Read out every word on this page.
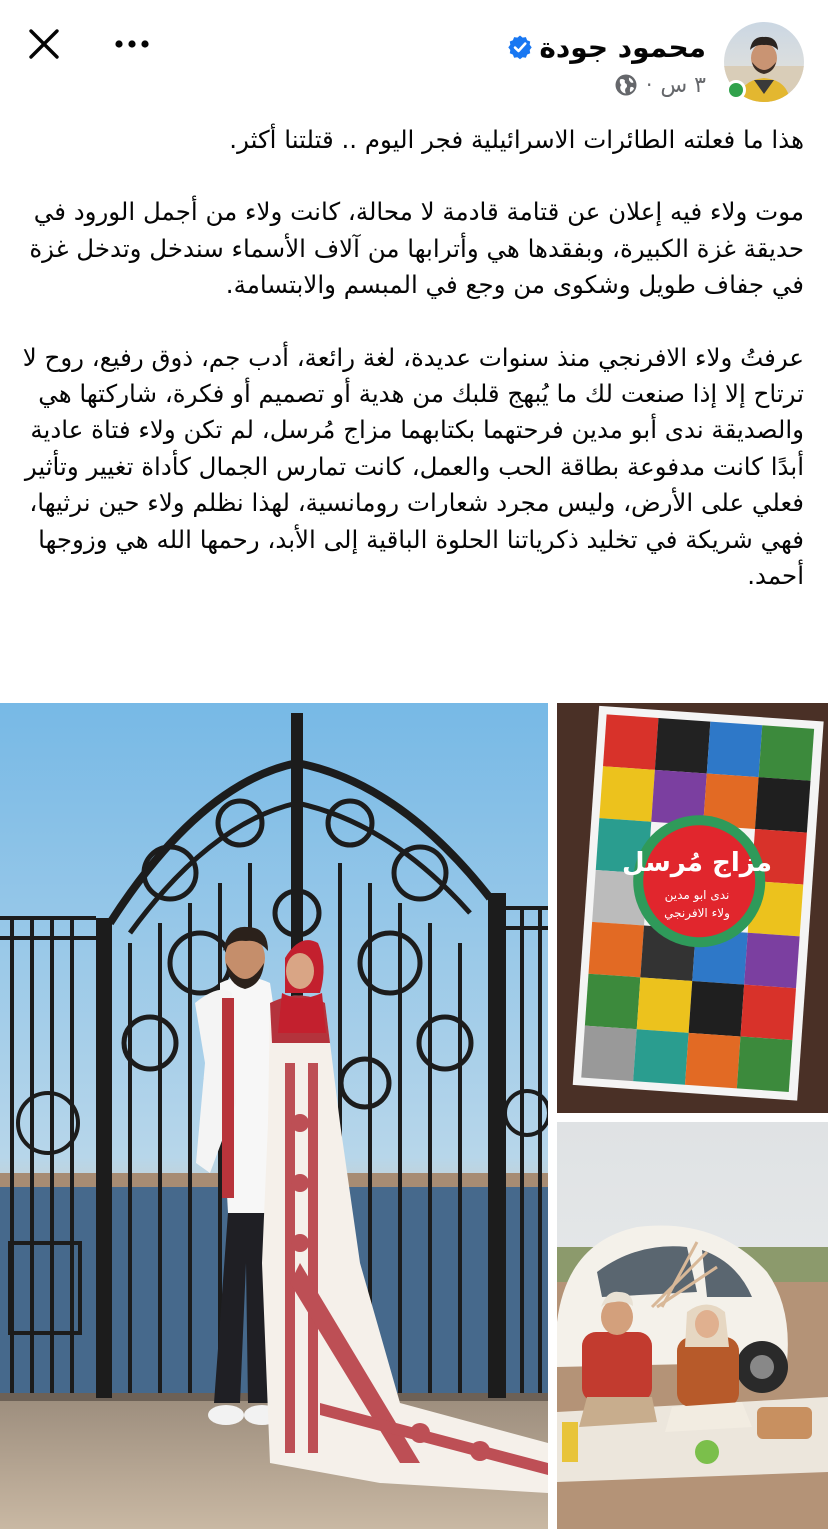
محمود جودة
٣ س
·

هذا ما فعلته الطائرات الاسرائيلية فجر اليوم .. قتلتنا أكثر.

موت ولاء فيه إعلان عن قتامة قادمة لا محالة، كانت ولاء من أجمل الورود في حديقة غزة الكبيرة، وبفقدها هي وأترابها من آلاف الأسماء سندخل وتدخل غزة في جفاف طويل وشكوى من وجع في المبسم والابتسامة.

عرفتُ ولاء الافرنجي منذ سنوات عديدة، لغة رائعة، أدب جم، ذوق رفيع، روح لا ترتاح إلا إذا صنعت لك ما يُبهج قلبك من هدية أو تصميم أو فكرة، شاركتها هي والصديقة ندى أبو مدين فرحتهما بكتابهما مزاج مُرسل، لم تكن ولاء فتاة عادية أبدًا كانت مدفوعة بطاقة الحب والعمل، كانت تمارس الجمال كأداة تغيير وتأثير فعلي على الأرض، وليس مجرد شعارات رومانسية، لهذا نظلم ولاء حين نرثيها، فهي شريكة في تخليد ذكرياتنا الحلوة الباقية إلى الأبد، رحمها الله هي وزوجها أحمد.

مزاج مُرسل
ندى ابو مدين
ولاء الافرنجي
